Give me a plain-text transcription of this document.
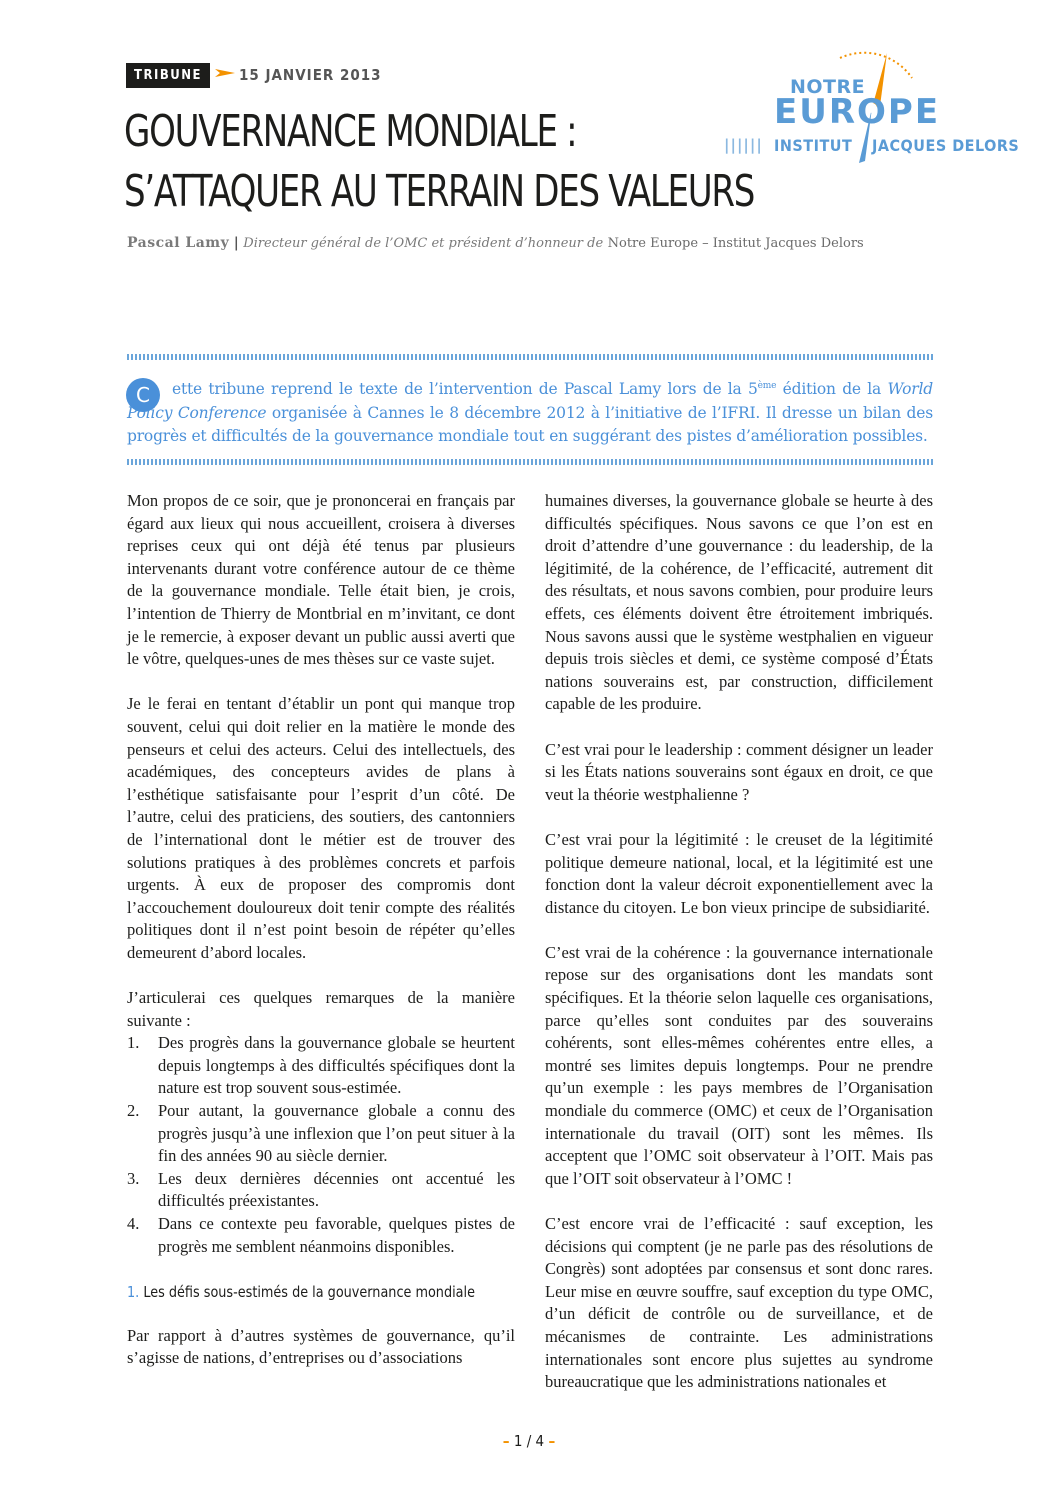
TRIBUNE	15 JANVIER 2013
GOUVERNANCE MONDIALE :
S’ATTAQUER AU TERRAIN DES VALEURS
Pascal Lamy | Directeur général de l’OMC et président d’honneur de Notre Europe – Institut Jacques Delors
NOTRE
EUROPE
|||||| INSTITUT JACQUES DELORS
C	ette tribune reprend le texte de l’intervention de Pascal Lamy lors de la 5ème édition de la World Policy Conference organisée à Cannes le 8 décembre 2012 à l’initiative de l’IFRI. Il dresse un bilan des progrès et difficultés de la gouvernance mondiale tout en suggérant des pistes d’amélioration possibles.

Mon propos de ce soir, que je prononcerai en français par égard aux lieux qui nous accueillent, croisera à diverses reprises ceux qui ont déjà été tenus par plusieurs intervenants durant votre conférence autour de ce thème de la gouvernance mondiale. Telle était bien, je crois, l’intention de Thierry de Montbrial en m’invitant, ce dont je le remercie, à exposer devant un public aussi averti que le vôtre, quelques-unes de mes thèses sur ce vaste sujet.

Je le ferai en tentant d’établir un pont qui manque trop souvent, celui qui doit relier en la matière le monde des penseurs et celui des acteurs. Celui des intellectuels, des académiques, des concepteurs avides de plans à l’esthétique satisfaisante pour l’esprit d’un côté. De l’autre, celui des praticiens, des soutiers, des cantonniers de l’international dont le métier est de trouver des solutions pratiques à des problèmes concrets et parfois urgents. À eux de proposer des compromis dont l’accouchement douloureux doit tenir compte des réalités politiques dont il n’est point besoin de répéter qu’elles demeurent d’abord locales.

J’articulerai ces quelques remarques de la manière suivante :

1. Des progrès dans la gouvernance globale se heurtent depuis longtemps à des difficultés spécifiques dont la nature est trop souvent sous-estimée.
2. Pour autant, la gouvernance globale a connu des progrès jusqu’à une inflexion que l’on peut situer à la fin des années 90 au siècle dernier.
3. Les deux dernières décennies ont accentué les difficultés préexistantes.
4. Dans ce contexte peu favorable, quelques pistes de progrès me semblent néanmoins disponibles.
1. Les défis sous-estimés de la gouvernance mondiale

Par rapport à d’autres systèmes de gouvernance, qu’il s’agisse de nations, d’entreprises ou d’associations

humaines diverses, la gouvernance globale se heurte à des difficultés spécifiques. Nous savons ce que l’on est en droit d’attendre d’une gouvernance : du leadership, de la légitimité, de la cohérence, de l’efficacité, autrement dit des résultats, et nous savons combien, pour produire leurs effets, ces éléments doivent être étroitement imbriqués. Nous savons aussi que le système westphalien en vigueur depuis trois siècles et demi, ce système composé d’États nations souverains est, par construction, difficilement capable de les produire.

C’est vrai pour le leadership : comment désigner un leader si les États nations souverains sont égaux en droit, ce que veut la théorie westphalienne ?

C’est vrai pour la légitimité : le creuset de la légitimité politique demeure national, local, et la légitimité est une fonction dont la valeur décroit exponentiellement avec la distance du citoyen. Le bon vieux principe de subsidiarité.

C’est vrai de la cohérence : la gouvernance internationale repose sur des organisations dont les mandats sont spécifiques. Et la théorie selon laquelle ces organisations, parce qu’elles sont conduites par des souverains cohérents, sont elles-mêmes cohérentes entre elles, a montré ses limites depuis longtemps. Pour ne prendre qu’un exemple : les pays membres de l’Organisation mondiale du commerce (OMC) et ceux de l’Organisation internationale du travail (OIT) sont les mêmes. Ils acceptent que l’OMC soit observateur à l’OIT. Mais pas que l’OIT soit observateur à l’OMC !

C’est encore vrai de l’efficacité : sauf exception, les décisions qui comptent (je ne parle pas des résolutions de Congrès) sont adoptées par consensus et sont donc rares. Leur mise en œuvre souffre, sauf exception du type OMC, d’un déficit de contrôle ou de surveillance, et de mécanismes de contrainte. Les administrations internationales sont encore plus sujettes au syndrome bureaucratique que les administrations nationales et

– 1 / 4 –
